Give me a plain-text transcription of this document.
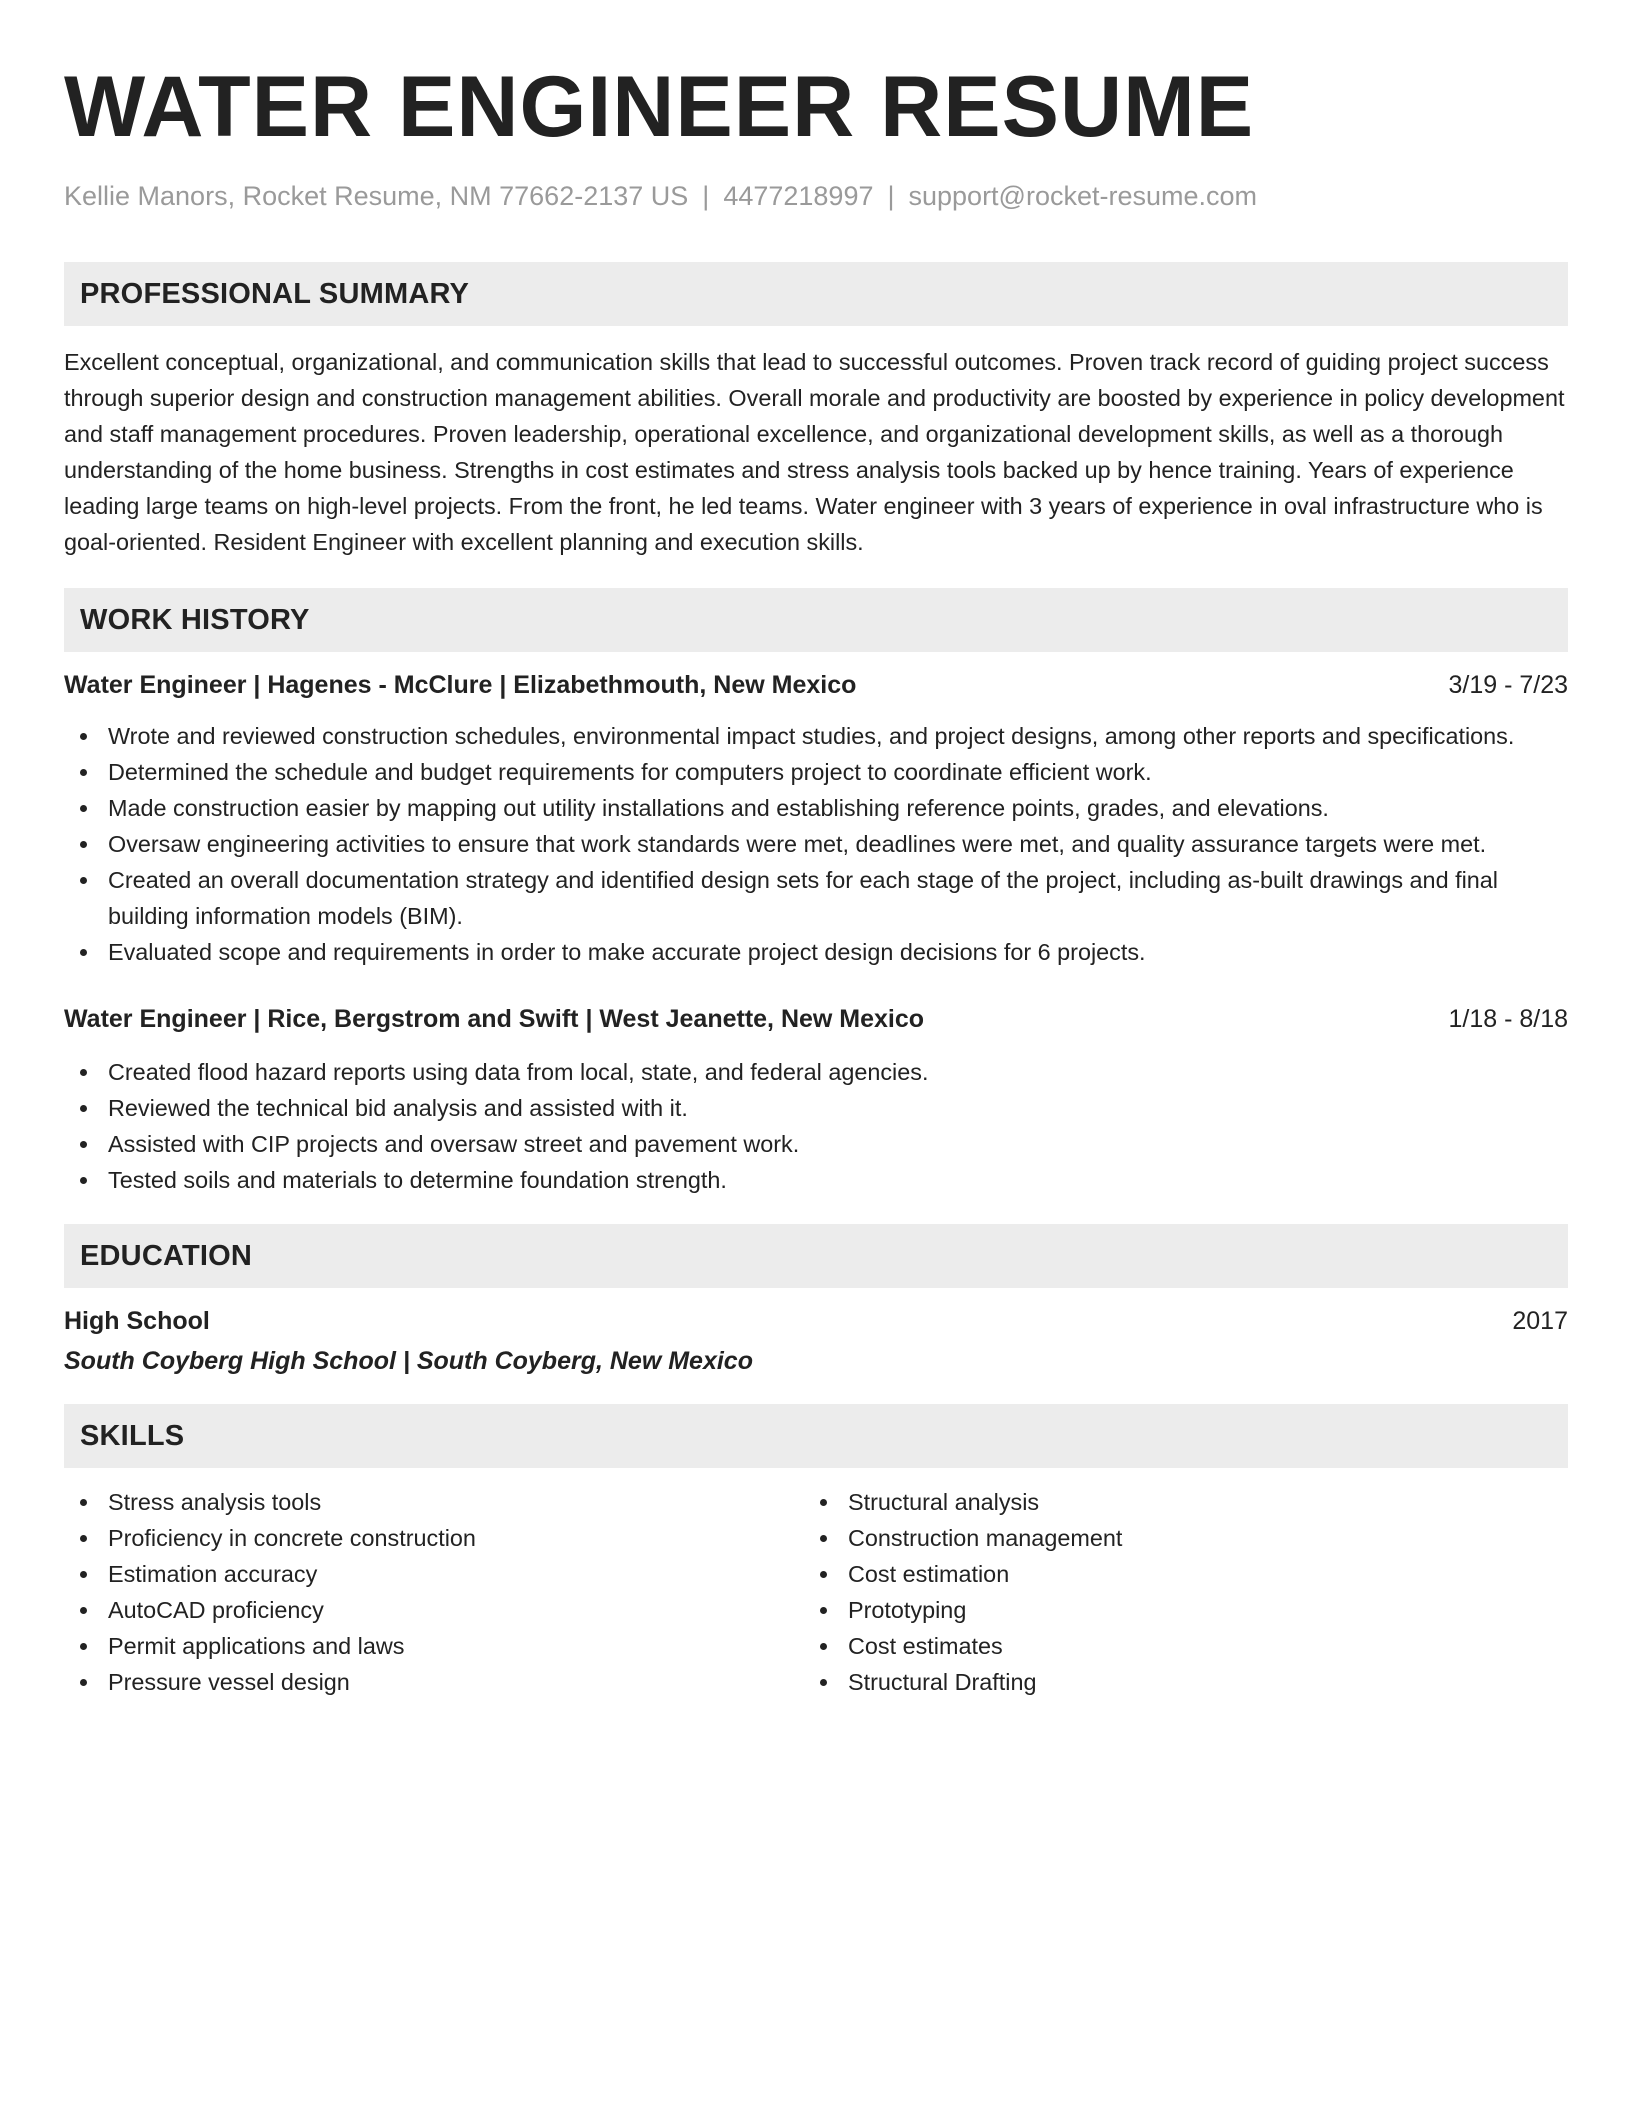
WATER ENGINEER RESUME
Kellie Manors, Rocket Resume, NM 77662-2137 US | 4477218997 | support@rocket-resume.com
PROFESSIONAL SUMMARY

Excellent conceptual, organizational, and communication skills that lead to successful outcomes. Proven track record of guiding project success through superior design and construction management abilities. Overall morale and productivity are boosted by experience in policy development and staff management procedures. Proven leadership, operational excellence, and organizational development skills, as well as a thorough understanding of the home business. Strengths in cost estimates and stress analysis tools backed up by hence training. Years of experience leading large teams on high-level projects. From the front, he led teams. Water engineer with 3 years of experience in oval infrastructure who is goal-oriented. Resident Engineer with excellent planning and execution skills.

WORK HISTORY
Water Engineer | Hagenes - McClure | Elizabethmouth, New Mexico	3/19 - 7/23
Wrote and reviewed construction schedules, environmental impact studies, and project designs, among other reports and specifications.
Determined the schedule and budget requirements for computers project to coordinate efficient work.
Made construction easier by mapping out utility installations and establishing reference points, grades, and elevations.
Oversaw engineering activities to ensure that work standards were met, deadlines were met, and quality assurance targets were met.
Created an overall documentation strategy and identified design sets for each stage of the project, including as-built drawings and final building information models (BIM).
Evaluated scope and requirements in order to make accurate project design decisions for 6 projects.
Water Engineer | Rice, Bergstrom and Swift | West Jeanette, New Mexico	1/18 - 8/18
Created flood hazard reports using data from local, state, and federal agencies.
Reviewed the technical bid analysis and assisted with it.
Assisted with CIP projects and oversaw street and pavement work.
Tested soils and materials to determine foundation strength.
EDUCATION
High School	2017
South Coyberg High School | South Coyberg, New Mexico
SKILLS
Stress analysis tools
Proficiency in concrete construction
Estimation accuracy
AutoCAD proficiency
Permit applications and laws
Pressure vessel design
Structural analysis
Construction management
Cost estimation
Prototyping
Cost estimates
Structural Drafting
